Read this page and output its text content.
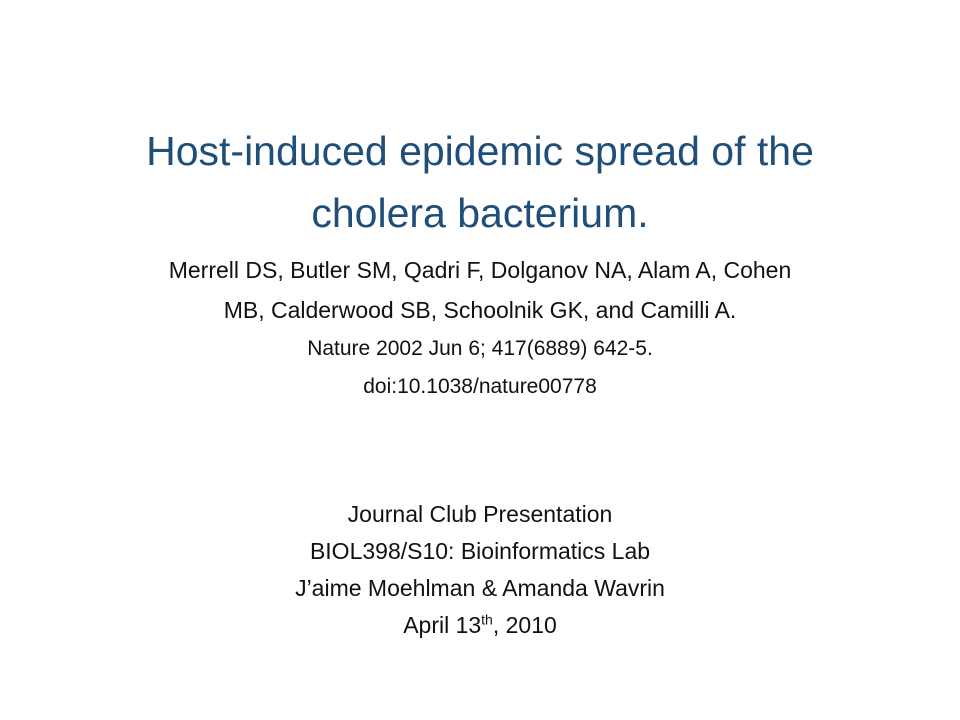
Host-induced epidemic spread of the
cholera bacterium.
Merrell DS, Butler SM, Qadri F, Dolganov NA, Alam A, Cohen
MB, Calderwood SB, Schoolnik GK, and Camilli A.
Nature 2002 Jun 6; 417(6889) 642-5.
doi:10.1038/nature00778
Journal Club Presentation
BIOL398/S10: Bioinformatics Lab
J’aime Moehlman & Amanda Wavrin
April 13th, 2010
